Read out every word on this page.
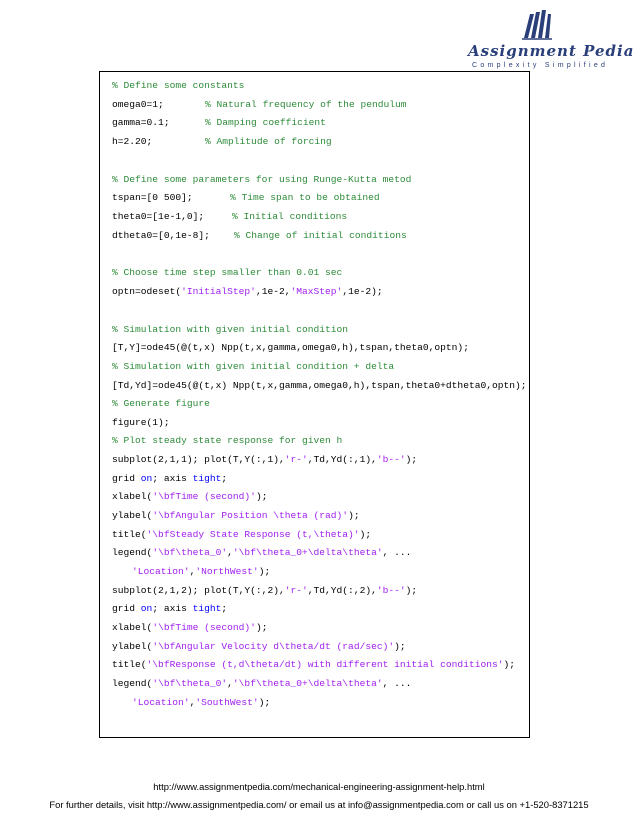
Assignment Pedia
Complexity Simplified
% Define some constants
omega0=1;	% Natural frequency of the pendulum
gamma=0.1;	% Damping coefficient
h=2.20;	% Amplitude of forcing
% Define some parameters for using Runge-Kutta metod
tspan=[0 500];	% Time span to be obtained
theta0=[1e-1,0];	% Initial conditions
dtheta0=[0,1e-8];	% Change of initial conditions
% Choose time step smaller than 0.01 sec
optn=odeset('InitialStep',1e-2,'MaxStep',1e-2);
% Simulation with given initial condition
[T,Y]=ode45(@(t,x) Npp(t,x,gamma,omega0,h),tspan,theta0,optn);
% Simulation with given initial condition + delta
[Td,Yd]=ode45(@(t,x) Npp(t,x,gamma,omega0,h),tspan,theta0+dtheta0,optn);
% Generate figure
figure(1);
% Plot steady state response for given h
subplot(2,1,1); plot(T,Y(:,1),'r-',Td,Yd(:,1),'b--');
grid on; axis tight;
xlabel('\bfTime (second)');
ylabel('\bfAngular Position \theta (rad)');
title('\bfSteady State Response (t,\theta)');
legend('\bf\theta_0','\bf\theta_0+\delta\theta', ...
'Location','NorthWest');
subplot(2,1,2); plot(T,Y(:,2),'r-',Td,Yd(:,2),'b--');
grid on; axis tight;
xlabel('\bfTime (second)');
ylabel('\bfAngular Velocity d\theta/dt (rad/sec)');
title('\bfResponse (t,d\theta/dt) with different initial conditions');
legend('\bf\theta_0','\bf\theta_0+\delta\theta', ...
'Location','SouthWest');
http://www.assignmentpedia.com/mechanical-engineering-assignment-help.html
For further details, visit http://www.assignmentpedia.com/ or email us at info@assignmentpedia.com or call us on +1-520-8371215
